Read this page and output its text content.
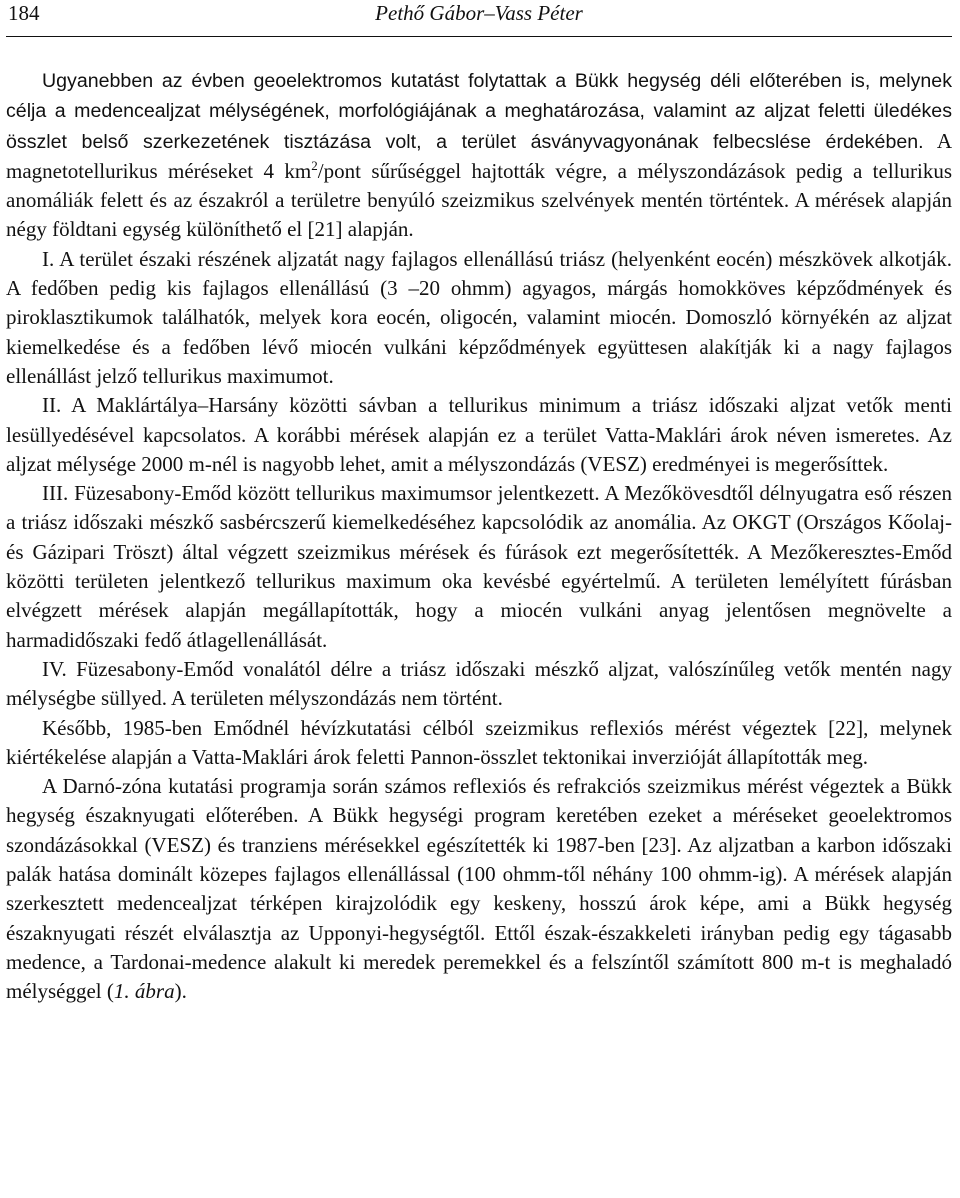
184	Pethő Gábor–Vass Péter

Ugyanebben az évben geoelektromos kutatást folytattak a Bükk hegység déli előterében is, melynek célja a medencealjzat mélységének, morfológiájának a meghatározása, valamint az aljzat feletti üledékes összlet belső szerkezetének tisztázása volt, a terület ásványvagyonának felbecslése érdekében. A magnetotellurikus méréseket 4 $km^2$/pont sűrűséggel hajtották végre, a mélyszondázások pedig a tellurikus anomáliák felett és az északról a területre benyúló szeizmikus szelvények mentén történtek. A mérések alapján négy földtani egység különíthető el [21] alapján.

I. A terület északi részének aljzatát nagy fajlagos ellenállású triász (helyenként eocén) mészkövek alkotják. A fedőben pedig kis fajlagos ellenállású (3 –20 ohmm) agyagos, márgás homokköves képződmények és piroklasztikumok találhatók, melyek kora eocén, oligocén, valamint miocén. Domoszló környékén az aljzat kiemelkedése és a fedőben lévő miocén vulkáni képződmények együttesen alakítják ki a nagy fajlagos ellenállást jelző tellurikus maximumot.

II. A Maklártálya–Harsány közötti sávban a tellurikus minimum a triász időszaki aljzat vetők menti lesüllyedésével kapcsolatos. A korábbi mérések alapján ez a terület Vatta-Maklári árok néven ismeretes. Az aljzat mélysége 2000 m-nél is nagyobb lehet, amit a mélyszondázás (VESZ) eredményei is megerősíttek.

III. Füzesabony-Emőd között tellurikus maximumsor jelentkezett. A Mezőkövesdtől délnyugatra eső részen a triász időszaki mészkő sasbércszerű kiemelkedéséhez kapcsolódik az anomália. Az OKGT (Országos Kőolaj- és Gázipari Tröszt) által végzett szeizmikus mérések és fúrások ezt megerősítették. A Mezőkeresztes-Emőd közötti területen jelentkező tellurikus maximum oka kevésbé egyértelmű. A területen lemélyített fúrásban elvégzett mérések alapján megállapították, hogy a miocén vulkáni anyag jelentősen megnövelte a harmadidőszaki fedő átlagellenállását.

IV. Füzesabony-Emőd vonalától délre a triász időszaki mészkő aljzat, valószínűleg vetők mentén nagy mélységbe süllyed. A területen mélyszondázás nem történt.

Később, 1985-ben Emődnél hévízkutatási célból szeizmikus reflexiós mérést végeztek [22], melynek kiértékelése alapján a Vatta-Maklári árok feletti Pannon-összlet tektonikai inverzióját állapították meg.

A Darnó-zóna kutatási programja során számos reflexiós és refrakciós szeizmikus mérést végeztek a Bükk hegység északnyugati előterében. A Bükk hegységi program keretében ezeket a méréseket geoelektromos szondázásokkal (VESZ) és tranziens mérésekkel egészítették ki 1987-ben [23]. Az aljzatban a karbon időszaki palák hatása dominált közepes fajlagos ellenállással (100 ohmm-től néhány 100 ohmm-ig). A mérések alapján szerkesztett medencealjzat térképen kirajzolódik egy keskeny, hosszú árok képe, ami a Bükk hegység északnyugati részét elválasztja az Upponyi-hegységtől. Ettől észak-északkeleti irányban pedig egy tágasabb medence, a Tardonai-medence alakult ki meredek peremekkel és a felszíntől számított 800 m-t is meghaladó mélységgel (1. ábra).
